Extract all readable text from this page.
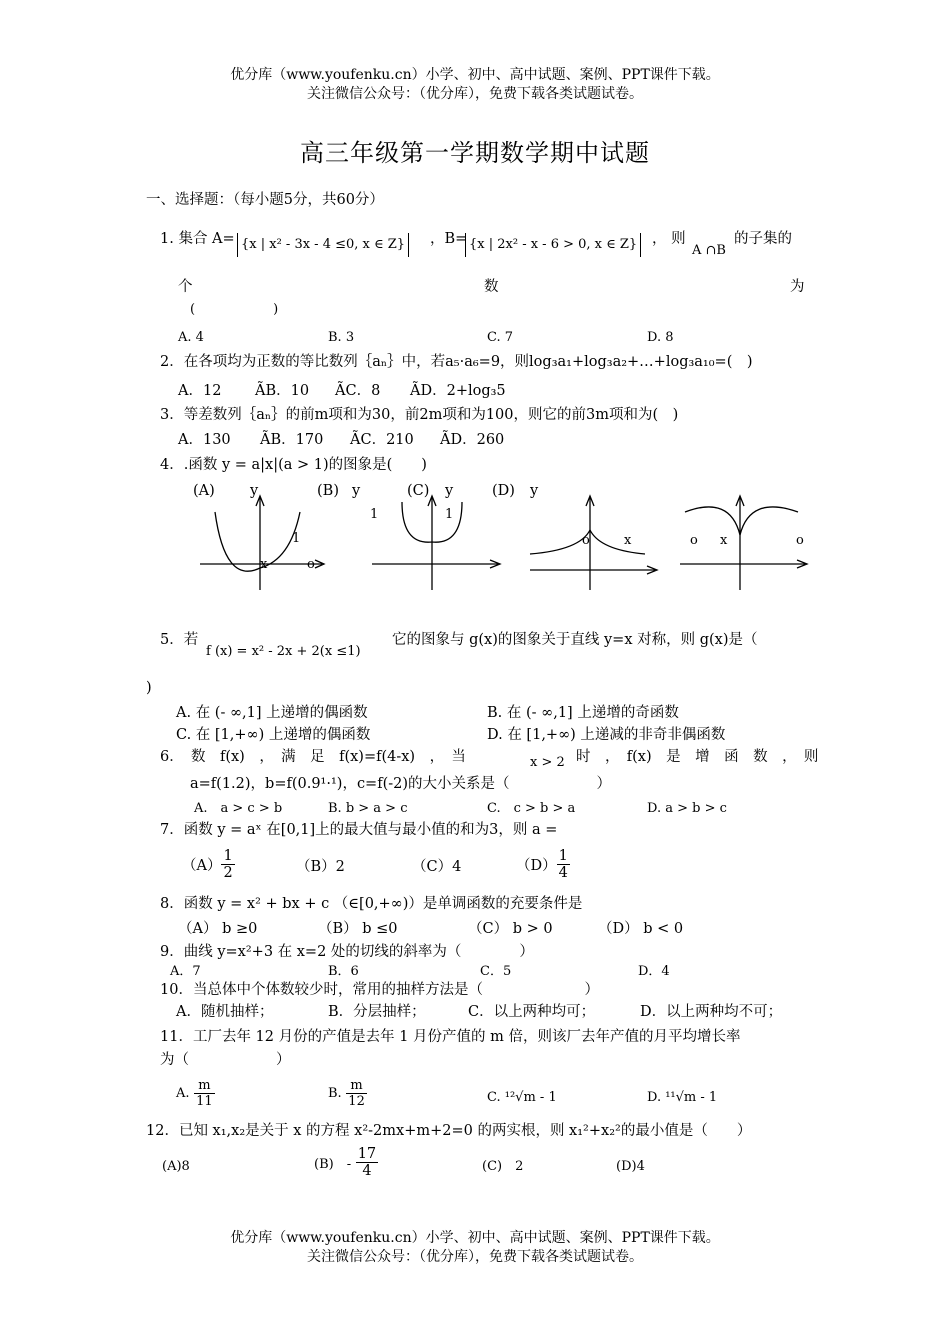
优分库（www.youfenku.cn）小学、初中、高中试题、案例、PPT课件下载。
关注微信公众号：（优分库），免费下载各类试题试卷。
高三年级第一学期数学期中试题
一、选择题：（每小题5分，共60分）
1. 集合 A= {x | x² - 3x - 4 ≤0, x ∈ Z} ，B= {x | 2x² - x - 6 > 0, x ∈ Z} ， 则
A ∩B
的子集的
个	数	为
(　　　　　　)
A. 4	B. 3	C. 7	D. 8
2．在各项均为正数的等比数列｛aₙ｝中，若a₅·a₆=9，则log₃a₁+log₃a₂+…+log₃a₁₀=(　)
A．12 ÃB．10 ÃC．8 ÃD．2+log₃5
3．等差数列｛aₙ｝的前m项和为30，前2m项和为100，则它的前3m项和为(　)
A．130 ÃB．170 ÃC．210 ÃD．260
4．.函数 y = a|x|(a > 1)的图象是(　　)
(A) y	(B) y	(C) y	(D) y
1
x	o
1	1
o	x	o x	o
5．若
f (x) = x² - 2x + 2(x ≤1)
它的图象与 g(x)的图象关于直线 y=x 对称，则 g(x)是（
)
A. 在 (- ∞,1] 上递增的偶函数	B. 在 (- ∞,1] 上递增的奇函数
C. 在 [1,+∞) 上递增的偶函数	D. 在 [1,+∞) 上递减的非奇非偶函数
6．　数　f(x)　，　满　足　f(x)=f(4-x)　，　当	x > 2 时　，　f(x)　是　增　函　数　，　则
a=f(1.2)，b=f(0.9¹·¹)，c=f(-2)的大小关系是（　　　　　　）
A.　a > c > b	B. b > a > c	C.　c > b > a	D. a > b > c
7．函数 y = aˣ 在[0,1]上的最大值与最小值的和为3，则 a =
$(A) \frac{1}{2}$	（B）2	（C）4	$(D) \frac{1}{4}$
8．函数 y = x² + bx + c （∈[0,+∞)）是单调函数的充要条件是
（A） b ≥0	（B） b ≤0	（C） b > 0	（D） b < 0
9．曲线 y=x²+3 在 x=2 处的切线的斜率为（　　　　）
A．7	B．6	C．5	D．4
10．当总体中个体数较少时，常用的抽样方法是（　　　　　　　）
A．随机抽样；	B．分层抽样；	C．以上两种均可；	D．以上两种均不可；
11．工厂去年 12 月份的产值是去年 1 月份产值的 m 倍，则该厂去年产值的月平均增长率
为（　　　　　　）
A. $\frac{m}{11}$	B. $\frac{m}{12}$	C. ¹²√m - 1	D. ¹¹√m - 1
12．已知 x₁,x₂是关于 x 的方程 x²-2mx+m+2=0 的两实根，则 x₁²+x₂²的最小值是（　　）
(A)8	(B)　- $\frac{17}{4}$	(C)　2	(D)4
优分库（www.youfenku.cn）小学、初中、高中试题、案例、PPT课件下载。
关注微信公众号：（优分库），免费下载各类试题试卷。
